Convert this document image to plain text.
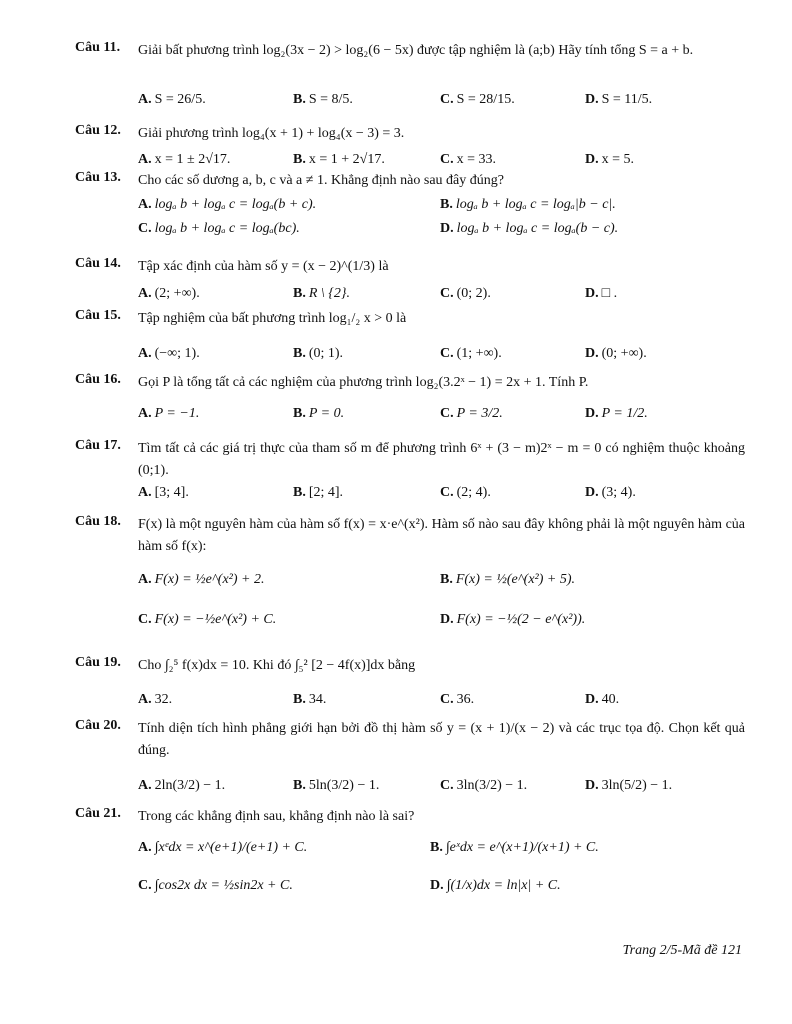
Câu 11. Giải bất phương trình log₂(3x − 2) > log₂(6 − 5x) được tập nghiệm là (a;b) Hãy tính tổng S = a + b.
A. S = 26/5.	B. S = 8/5.	C. S = 28/15.	D. S = 11/5.
Câu 12. Giải phương trình log₄(x + 1) + log₄(x − 3) = 3.
A. x = 1 ± 2√17.	B. x = 1 + 2√17.	C. x = 33.	D. x = 5.
Câu 13. Cho các số dương a, b, c và a ≠ 1. Khẳng định nào sau đây đúng?
A. logₐ b + logₐ c = logₐ(b + c).	B. logₐ b + logₐ c = logₐ|b − c|.
C. logₐ b + logₐ c = logₐ(bc).	D. logₐ b + logₐ c = logₐ(b − c).
Câu 14. Tập xác định của hàm số y = (x − 2)^(1/3) là
A. (2; +∞).	B. R \ {2}.	C. (0; 2).	D. □ .
Câu 15. Tập nghiệm của bất phương trình log₁/₂ x > 0 là
A. (−∞; 1).	B. (0; 1).	C. (1; +∞).	D. (0; +∞).
Câu 16. Gọi P là tổng tất cả các nghiệm của phương trình log₂(3.2ˣ − 1) = 2x + 1. Tính P.
A. P = −1.	B. P = 0.	C. P = 3/2.	D. P = 1/2.
Câu 17. Tìm tất cả các giá trị thực của tham số m để phương trình 6ˣ + (3 − m)2ˣ − m = 0 có nghiệm thuộc khoảng (0;1).
A. [3; 4].	B. [2; 4].	C. (2; 4).	D. (3; 4).
Câu 18. F(x) là một nguyên hàm của hàm số f(x) = x·e^(x²). Hàm số nào sau đây không phải là một nguyên hàm của hàm số f(x):
A. F(x) = ½e^(x²) + 2.	B. F(x) = ½(e^(x²) + 5).
C. F(x) = −½e^(x²) + C.	D. F(x) = −½(2 − e^(x²)).
Câu 19. Cho ∫₂⁵ f(x)dx = 10. Khi đó ∫₅² [2 − 4f(x)]dx bằng
A. 32.	B. 34.	C. 36.	D. 40.
Câu 20. Tính diện tích hình phẳng giới hạn bởi đồ thị hàm số y = (x + 1)/(x − 2) và các trục tọa độ. Chọn kết quả đúng.
A. 2ln(3/2) − 1.	B. 5ln(3/2) − 1.	C. 3ln(3/2) − 1.	D. 3ln(5/2) − 1.
Câu 21. Trong các khẳng định sau, khẳng định nào là sai?
A. ∫xᵉdx = x^(e+1)/(e+1) + C.	B. ∫eˣdx = e^(x+1)/(x+1) + C.
C. ∫cos2x dx = ½sin2x + C.	D. ∫(1/x)dx = ln|x| + C.
Trang 2/5-Mã đề 121
